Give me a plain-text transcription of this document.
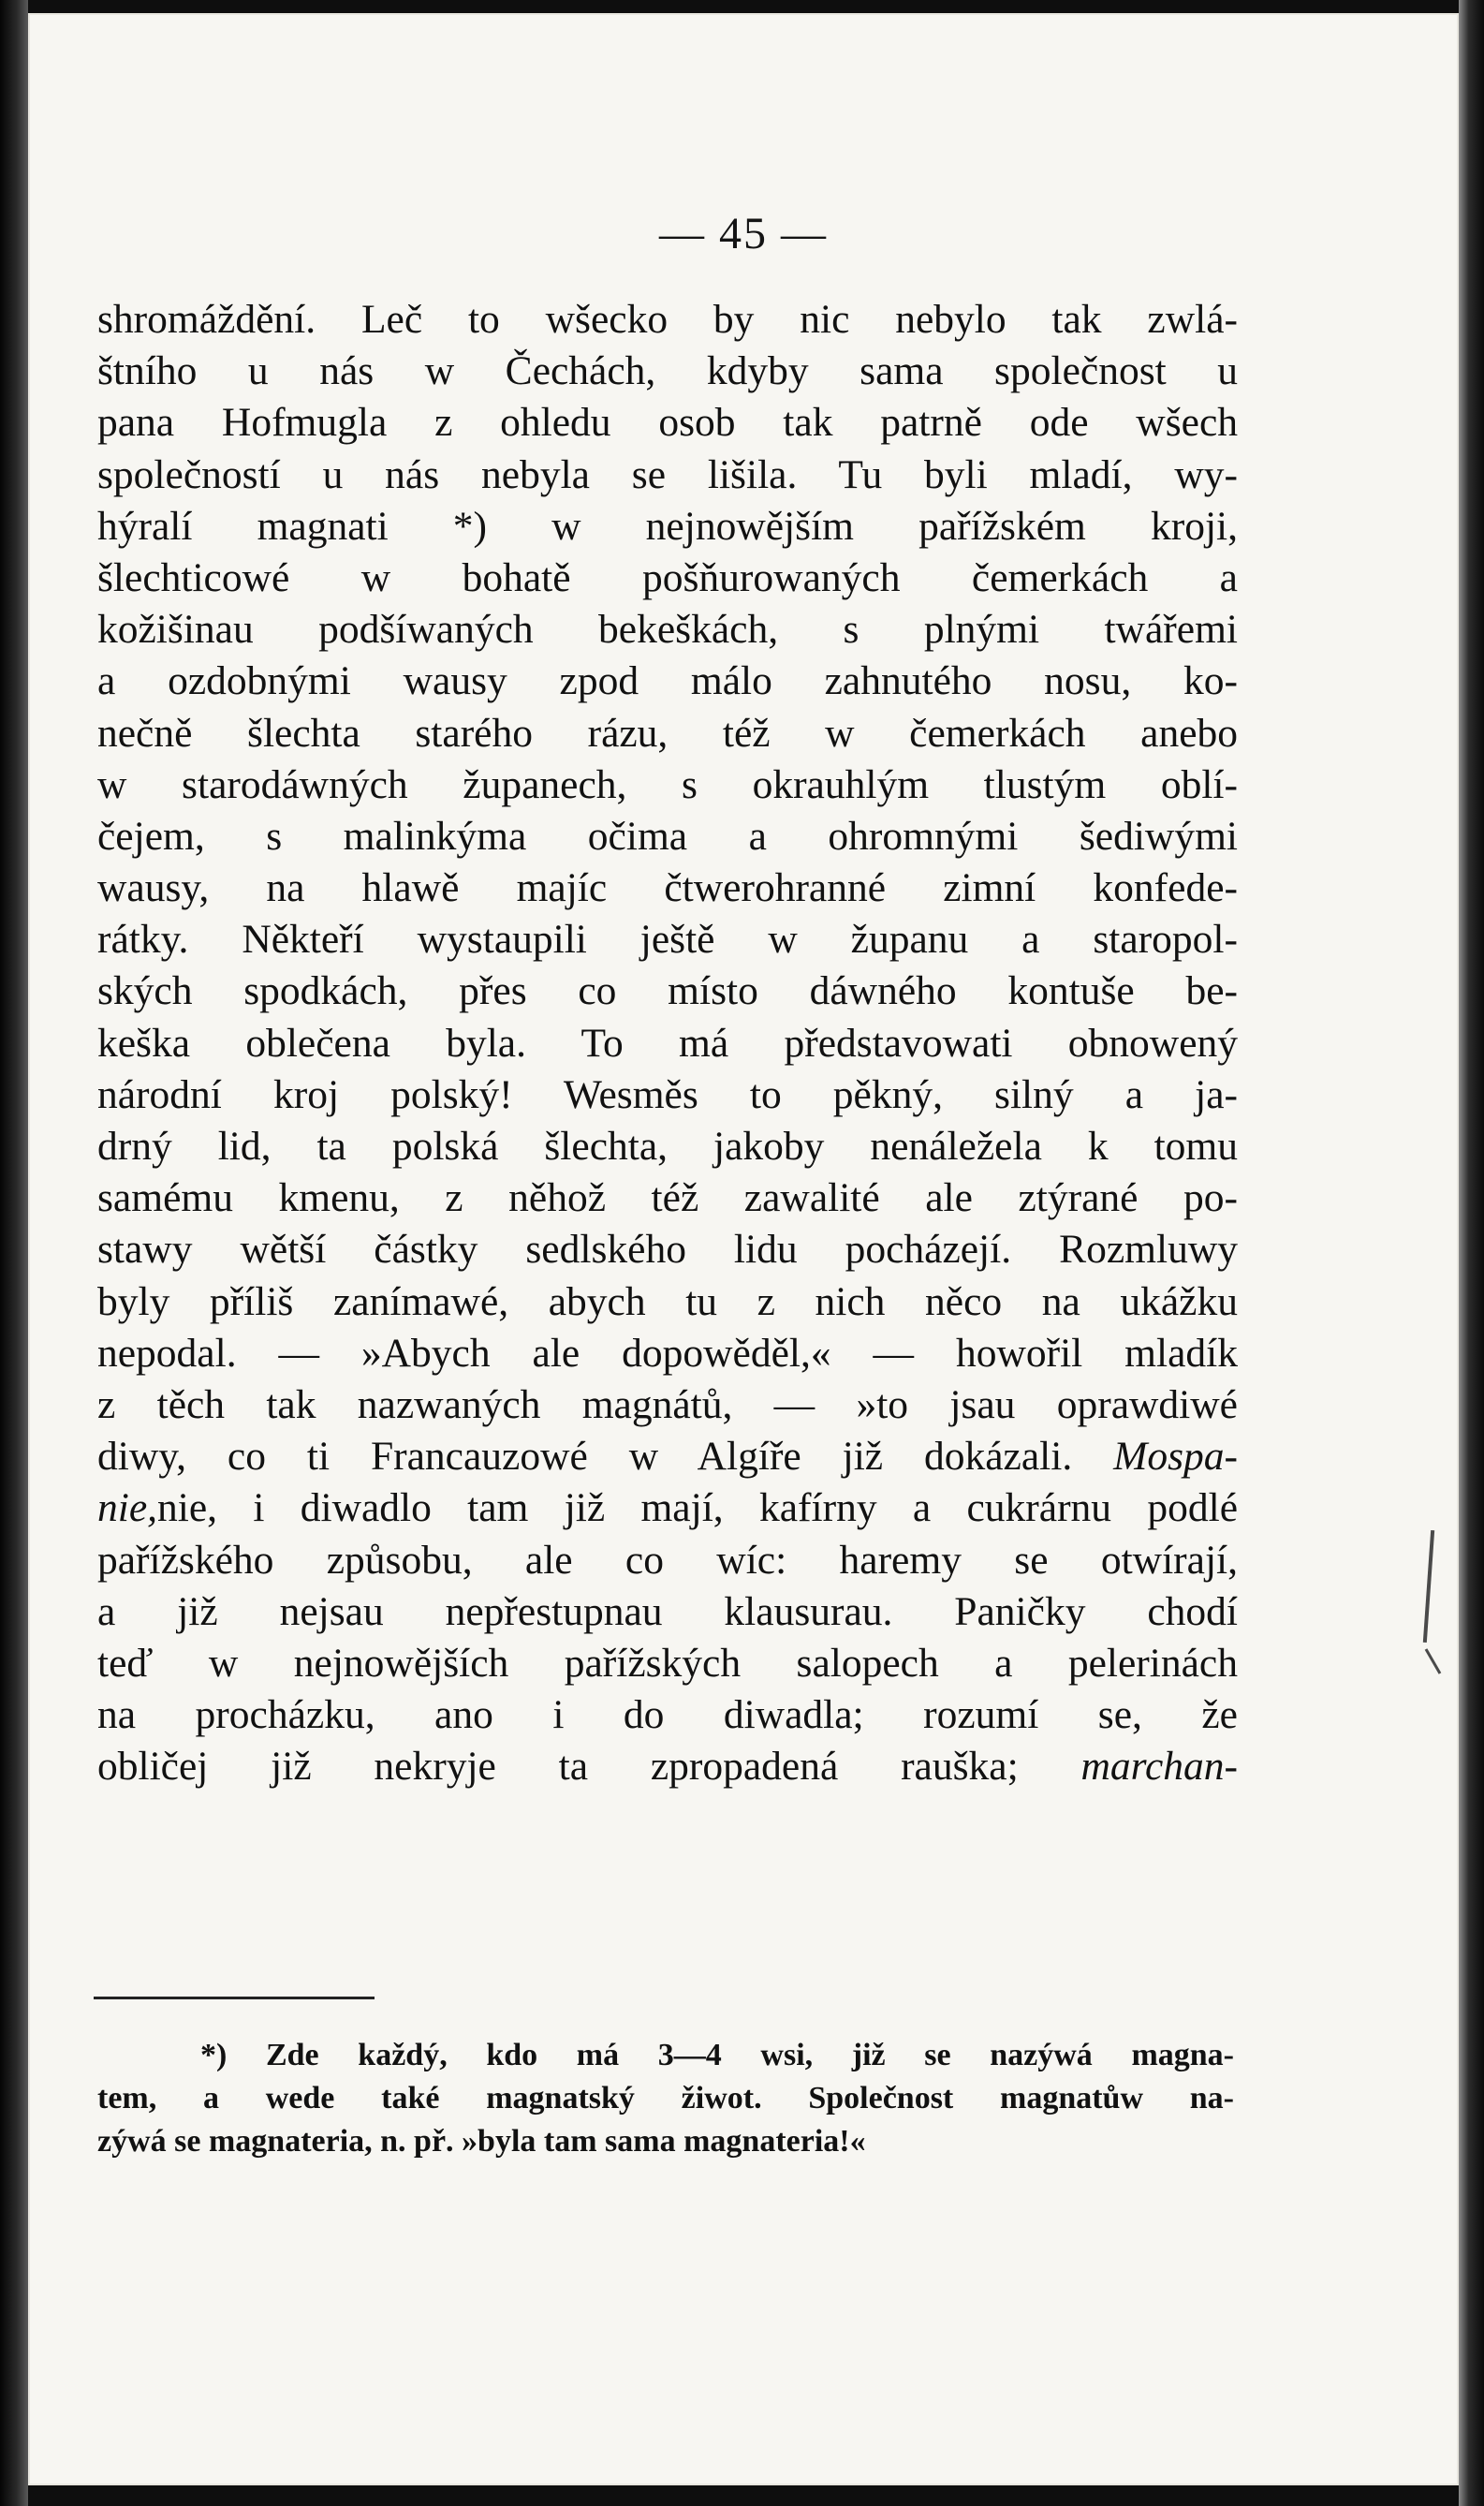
— 45 —
shromáždění. Leč to wšecko by nic nebylo tak zwlá-
štního u nás w Čechách, kdyby sama společnost u
pana Hofmugla z ohledu osob tak patrně ode wšech
společností u nás nebyla se lišila. Tu byli mladí, wy-
hýralí magnati *) w nejnowějším pařížském kroji,
šlechticowé w bohatě pošňurowaných čemerkách a
kožišinau podšíwaných bekeškách, s plnými twářemi
a ozdobnými wausy zpod málo zahnutého nosu, ko-
nečně šlechta starého rázu, též w čemerkách anebo
w starodáwných županech, s okrauhlým tlustým oblí-
čejem, s malinkýma očima a ohromnými šediwými
wausy, na hlawě majíc čtwerohranné zimní konfede-
rátky. Někteří wystaupili ještě w županu a staropol-
ských spodkách, přes co místo dáwného kontuše be-
keška oblečena byla. To má představowati obnowený
národní kroj polský! Wesměs to pěkný, silný a ja-
drný lid, ta polská šlechta, jakoby nenáležela k tomu
samému kmenu, z něhož též zawalité ale ztýrané po-
stawy wětší částky sedlského lidu pocházejí. Rozmluwy
byly příliš zanímawé, abych tu z nich něco na ukážku
nepodal. — »Abych ale dopowěděl,« — howořil mladík
z těch tak nazwaných magnátů, — »to jsau oprawdiwé
diwy, co ti Francauzowé w Algíře již dokázali. Mospa-
nie,nie, i diwadlo tam již mají, kafírny a cukrárnu podlé
pařížského způsobu, ale co wíc: haremy se otwírají,
a již nejsau nepřestupnau klausurau. Paničky chodí
teď w nejnowějších pařížských salopech a pelerinách
na procházku, ano i do diwadla; rozumí se, že
obličej již nekryje ta zpropadená rauška; marchan-
*) Zde každý, kdo má 3—4 wsi, již se nazýwá magna-
tem, a wede také magnatský žiwot. Společnost magnatůw na-
zýwá se magnateria, n. př. »byla tam sama magnateria!«
